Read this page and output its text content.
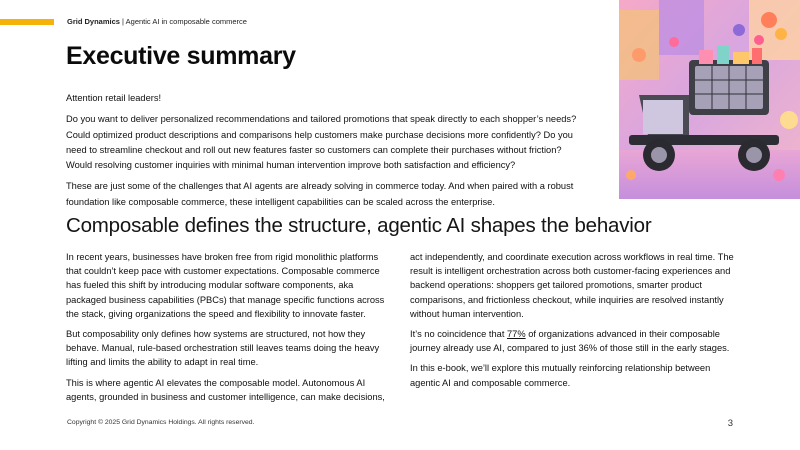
Grid Dynamics | Agentic AI in composable commerce
Executive summary

Attention retail leaders!

Do you want to deliver personalized recommendations and tailored promotions that speak directly to each shopper’s needs? Could optimized product descriptions and comparisons help customers make purchase decisions more confidently? Do you need to streamline checkout and roll out new features faster so customers can complete their purchases without friction? Would resolving customer inquiries with minimal human intervention improve both satisfaction and efficiency?

These are just some of the challenges that AI agents are already solving in commerce today. And when paired with a robust foundation like composable commerce, these intelligent capabilities can be scaled across the enterprise.

Composable defines the structure, agentic AI shapes the behavior

In recent years, businesses have broken free from rigid monolithic platforms that couldn’t keep pace with customer expectations. Composable commerce has fueled this shift by introducing modular software components, aka packaged business capabilities (PBCs) that manage specific functions across the stack, giving organizations the speed and flexibility to innovate faster.

But composability only defines how systems are structured, not how they behave. Manual, rule-based orchestration still leaves teams doing the heavy lifting and limits the ability to adapt in real time.

This is where agentic AI elevates the composable model. Autonomous AI agents, grounded in business and customer intelligence, can make decisions,

act independently, and coordinate execution across workflows in real time. The result is intelligent orchestration across both customer-facing experiences and backend operations: shoppers get tailored promotions, smarter product comparisons, and frictionless checkout, while inquiries are resolved instantly without human intervention.

It’s no coincidence that 77% of organizations advanced in their composable journey already use AI, compared to just 36% of those still in the early stages.

In this e-book, we’ll explore this mutually reinforcing relationship between agentic AI and composable commerce.

Copyright © 2025 Grid Dynamics Holdings. All rights reserved.	3
